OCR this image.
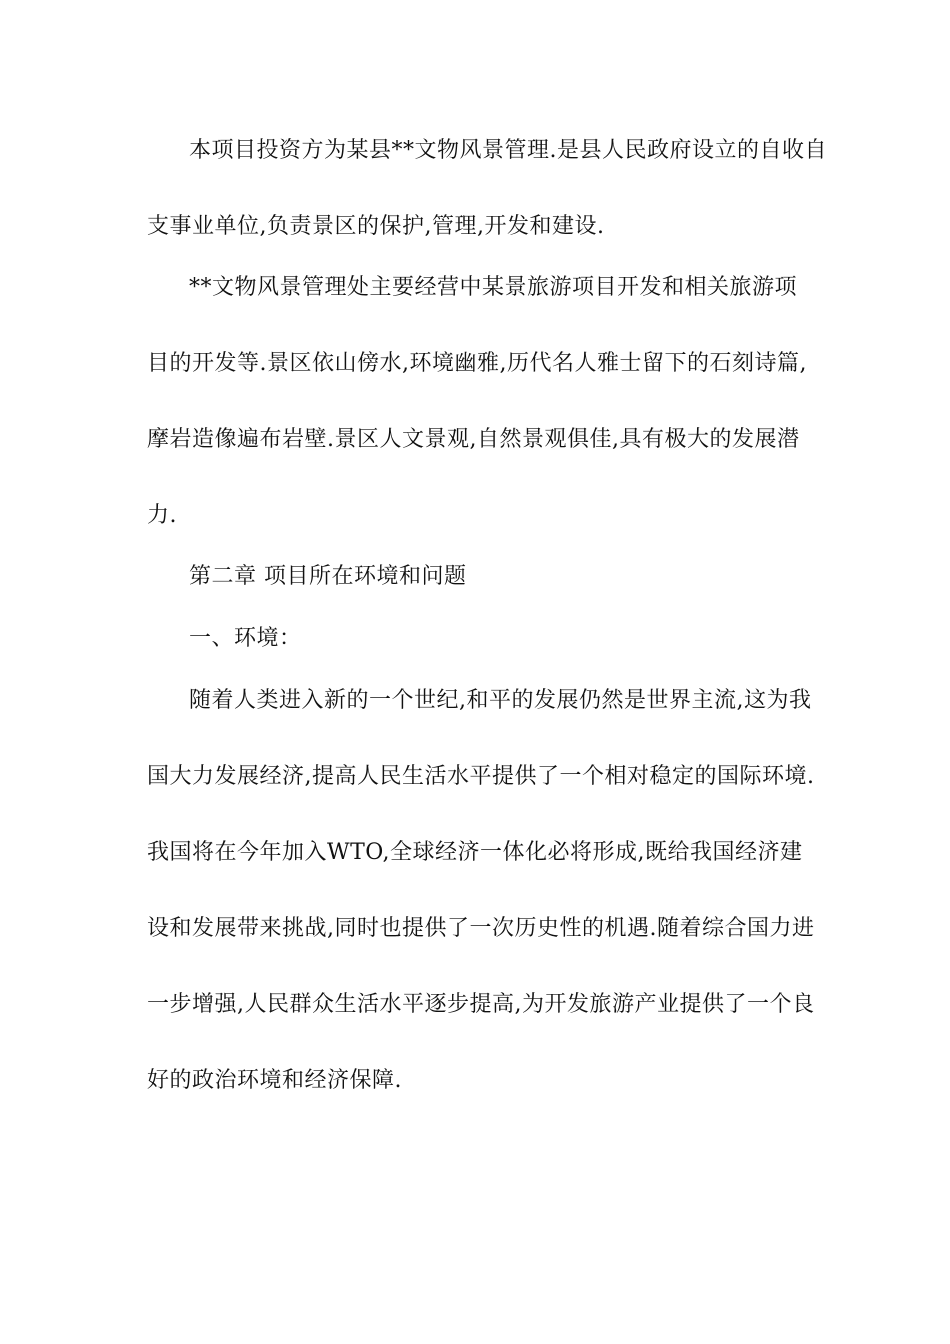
本项目投资方为某县**文物风景管理.是县人民政府设立的自收自
支事业单位,负责景区的保护,管理,开发和建设.
**文物风景管理处主要经营中某景旅游项目开发和相关旅游项
目的开发等.景区依山傍水,环境幽雅,历代名人雅士留下的石刻诗篇,
摩岩造像遍布岩壁.景区人文景观,自然景观俱佳,具有极大的发展潜
力.
第二章 项目所在环境和问题
一、环境：
随着人类进入新的一个世纪,和平的发展仍然是世界主流,这为我
国大力发展经济,提高人民生活水平提供了一个相对稳定的国际环境.
我国将在今年加入WTO,全球经济一体化必将形成,既给我国经济建
设和发展带来挑战,同时也提供了一次历史性的机遇.随着综合国力进
一步增强,人民群众生活水平逐步提高,为开发旅游产业提供了一个良
好的政治环境和经济保障.
